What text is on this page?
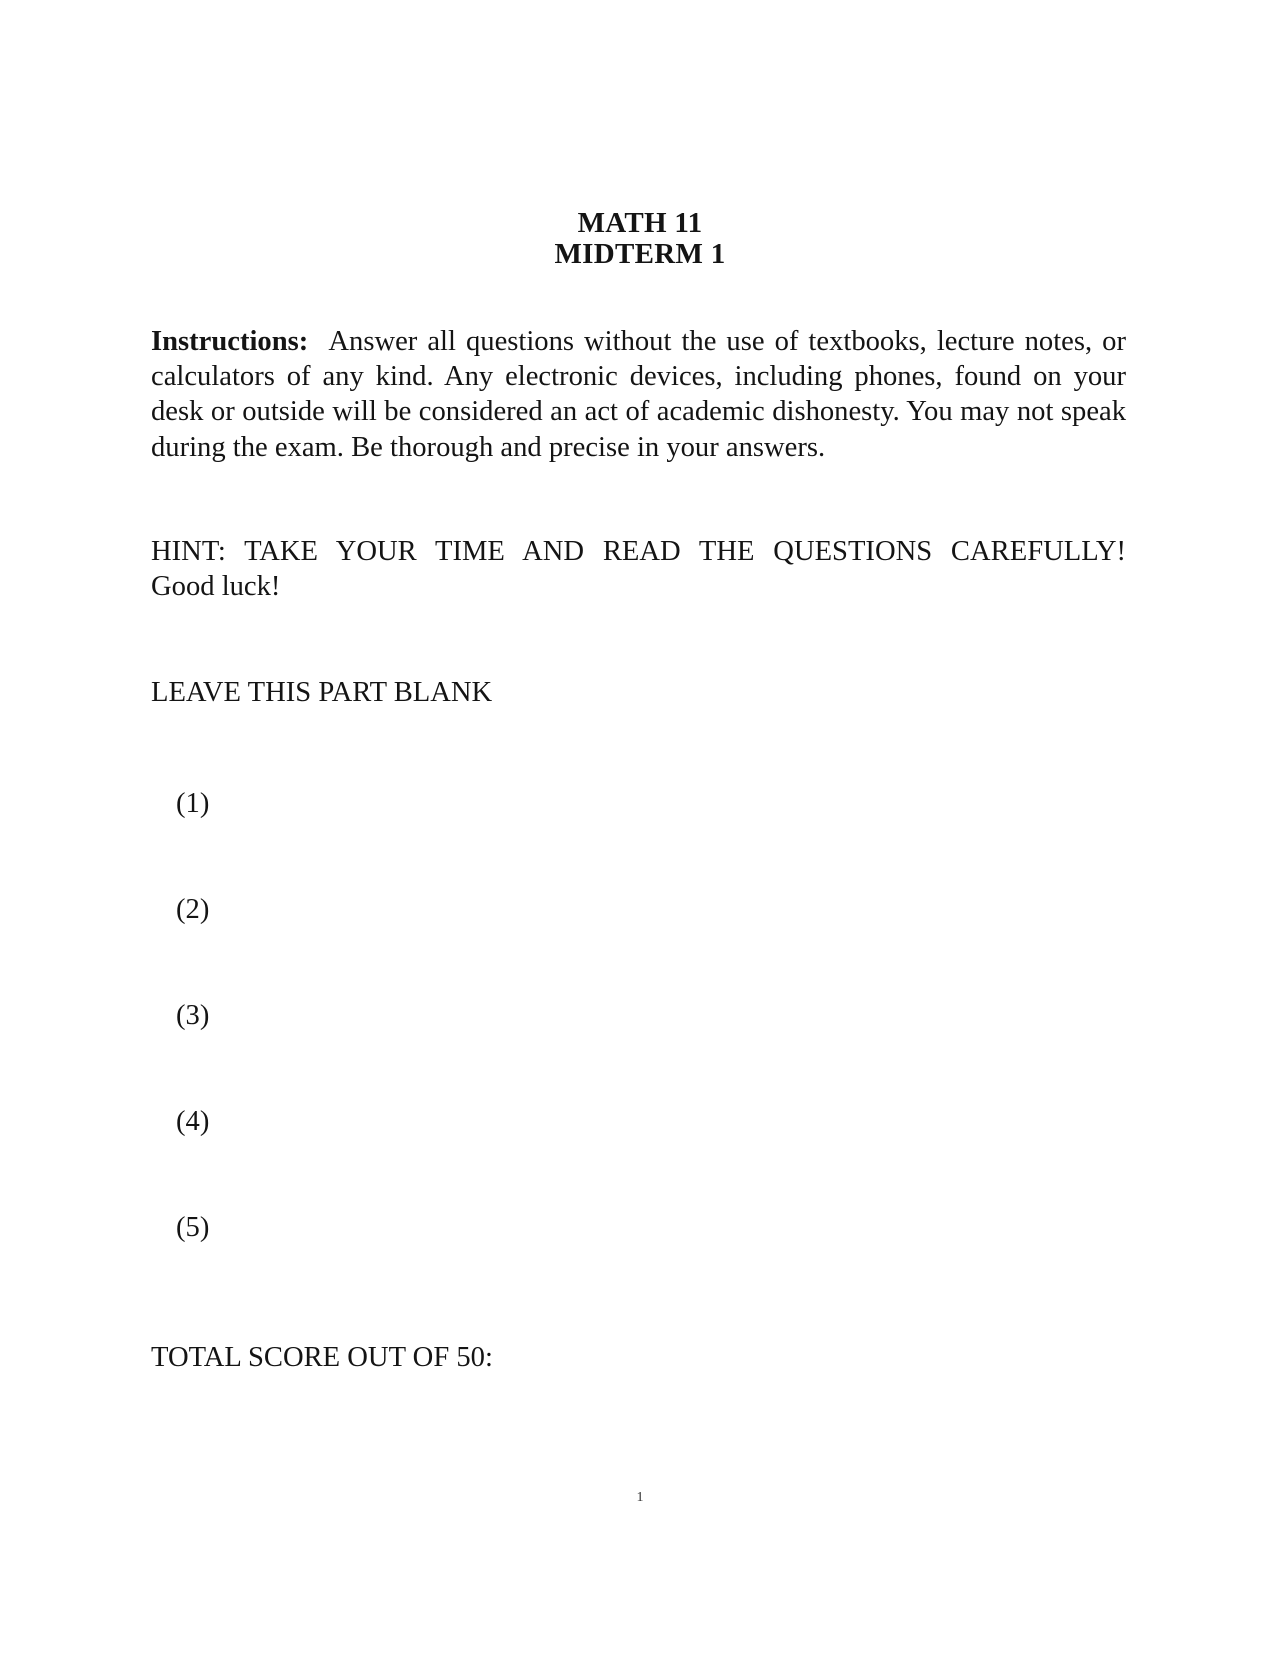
MATH 11
MIDTERM 1
Instructions: Answer all questions without the use of textbooks, lecture notes, or calculators of any kind. Any electronic devices, including phones, found on your desk or outside will be considered an act of academic dishonesty. You may not speak during the exam. Be thorough and precise in your answers.
HINT: TAKE YOUR TIME AND READ THE QUESTIONS CAREFULLY!
Good luck!
LEAVE THIS PART BLANK
(1)
(2)
(3)
(4)
(5)
TOTAL SCORE OUT OF 50:
1
